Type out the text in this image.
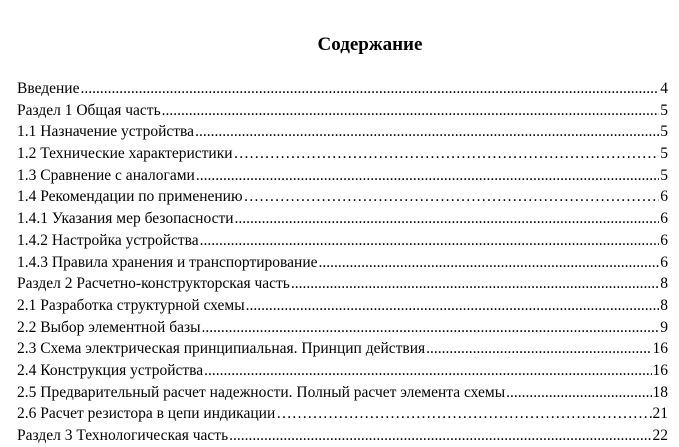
Содержание
Введение .....	4
Раздел 1 Общая часть .....	5
1.1 Назначение устройства .....	5
1.2 Технические характеристики ………………………………………………………………………………………………………………………………………………………………	5
1.3 Сравнение с аналогами .....	5
1.4 Рекомендации по применению ………………………………………………………………………………………………………………………………………………………………	6
1.4.1 Указания мер безопасности .....	6
1.4.2 Настройка устройства .....	6
1.4.3 Правила хранения и транспортирование .....	6
Раздел 2 Расчетно-конструкторская часть .....	8
2.1 Разработка структурной схемы .....	8
2.2 Выбор элементной базы .....	9
2.3 Схема электрическая принципиальная. Принцип действия .....	16
2.4 Конструкция устройства .....	16
2.5 Предварительный расчет надежности. Полный расчет элемента схемы .....	18
2.6 Расчет резистора в цепи индикации ………………………………………………………………………………………………………………………………………………………………	21
Раздел 3 Технологическая часть .....	22
